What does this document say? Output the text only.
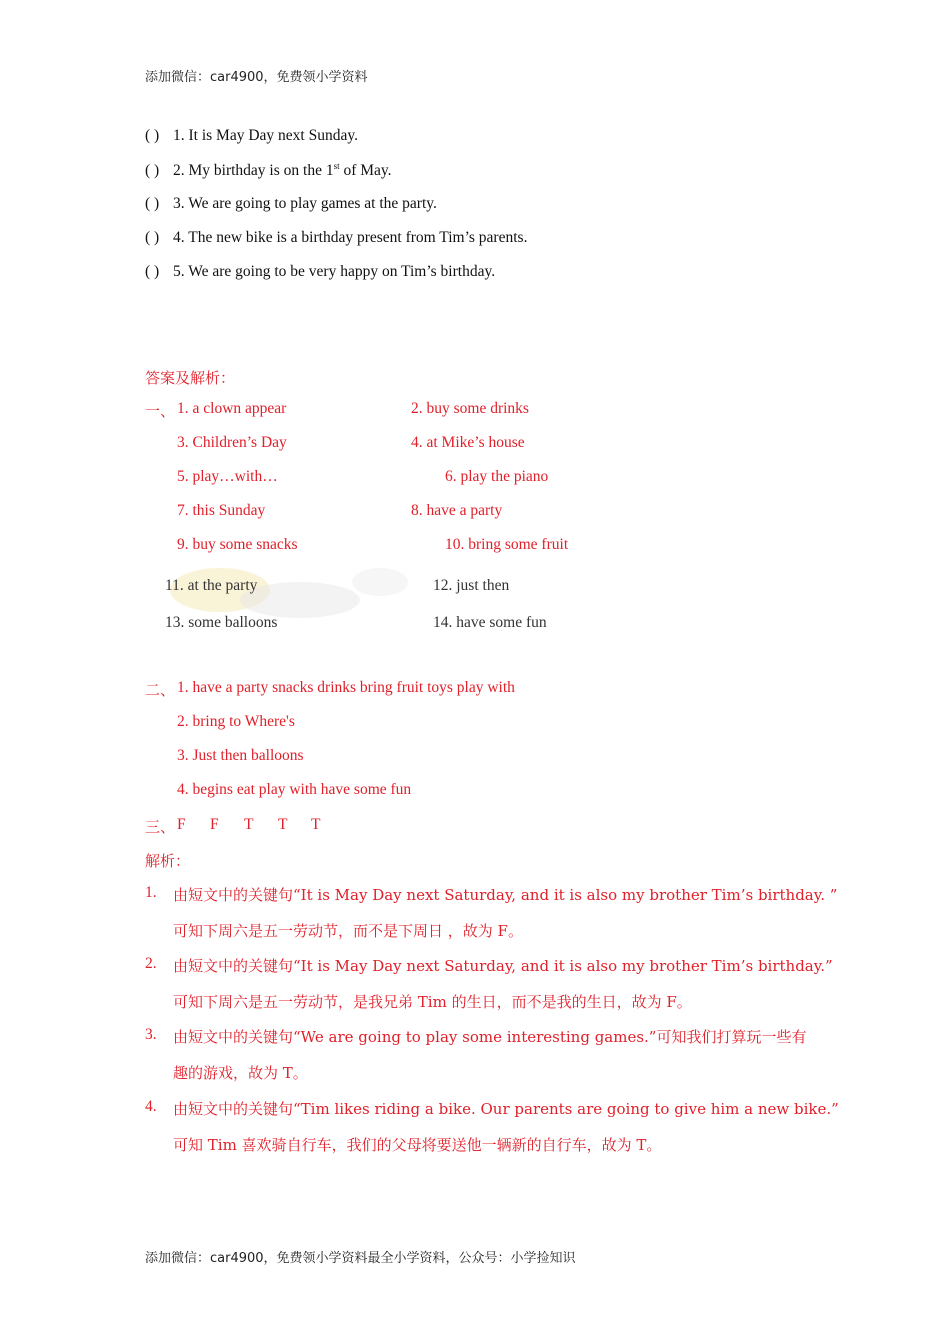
添加微信：car4900，免费领小学资料
( ) 1. It is May Day next Sunday.
( ) 2. My birthday is on the 1st of May.
( ) 3. We are going to play games at the party.
( ) 4. The new bike is a birthday present from Tim’s parents.
( ) 5. We are going to be very happy on Tim’s birthday.
答案及解析：
一、 1. a clown appear	2. buy some drinks
3. Children’s Day	4. at Mike’s house
5. play…with…	6. play the piano
7. this Sunday	8. have a party
9. buy some snacks	10. bring some fruit
11. at the party	12. just then
13. some balloons	14. have some fun
二、 1. have a party snacks drinks bring fruit toys play with
2. bring to Where's
3. Just then balloons
4. begins eat play with have some fun
三、 F F T T T
解析：
1. 由短文中的关键句“It is May Day next Saturday, and it is also my brother Tim’s birthday. ”
可知下周六是五一劳动节，而不是下周日 ，故为 F。
2. 由短文中的关键句“It is May Day next Saturday, and it is also my brother Tim’s birthday.”
可知下周六是五一劳动节，是我兄弟 Tim 的生日，而不是我的生日，故为 F。
3. 由短文中的关键句“We are going to play some interesting games.”可知我们打算玩一些有
趣的游戏，故为 T。
4. 由短文中的关键句“Tim likes riding a bike. Our parents are going to give him a new bike.”
可知 Tim 喜欢骑自行车，我们的父母将要送他一辆新的自行车，故为 T。
添加微信：car4900，免费领小学资料最全小学资料，公众号：小学捡知识
